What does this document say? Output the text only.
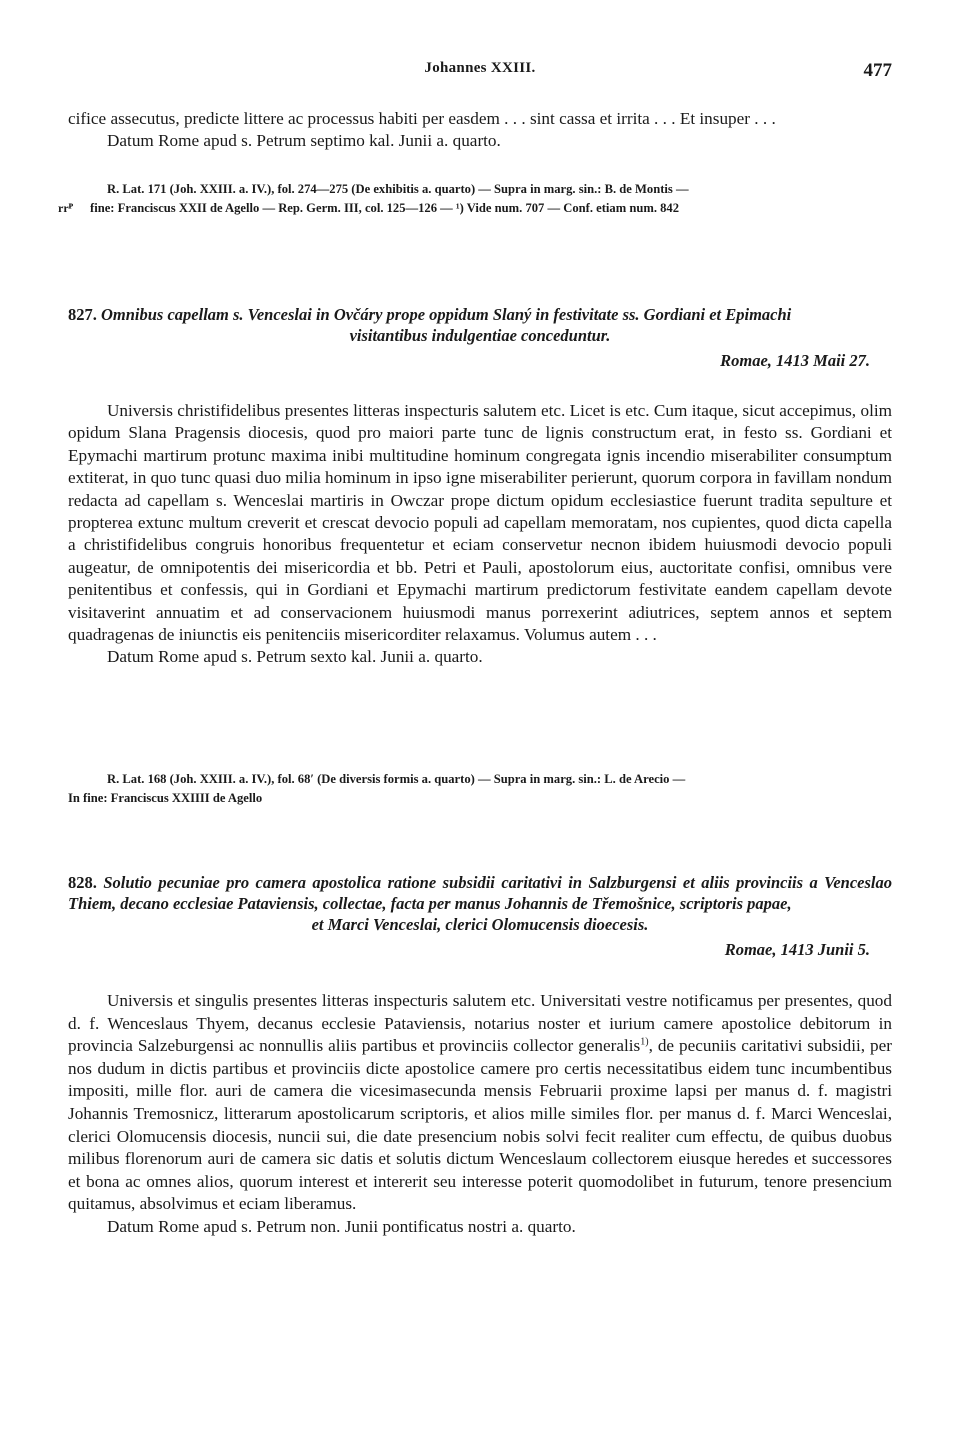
Johannes XXIII.	477

cifice assecutus, predicte littere ac processus habiti per easdem . . . sint cassa et irrita . . . Et insuper . . .

Datum Rome apud s. Petrum septimo kal. Junii a. quarto.

R. Lat. 171 (Joh. XXIII. a. IV.), fol. 274—275 (De exhibitis a. quarto) — Supra in marg. sin.: B. de Montis —

rrᴾ fine: Franciscus XXII de Agello — Rep. Germ. III, col. 125—126 — ¹) Vide num. 707 — Conf. etiam num. 842

827. Omnibus capellam s. Venceslai in Ovčáry prope oppidum Slaný in festivitate ss. Gordiani et Epimachi
visitantibus indulgentiae conceduntur.

Romae, 1413 Maii 27.

Universis christifidelibus presentes litteras inspecturis salutem etc. Licet is etc. Cum itaque, sicut accepimus, olim opidum Slana Pragensis diocesis, quod pro maiori parte tunc de lignis constructum erat, in festo ss. Gordiani et Epymachi martirum protunc maxima inibi multitudine hominum congregata ignis incendio miserabiliter consumptum extiterat, in quo tunc quasi duo milia hominum in ipso igne miserabiliter perierunt, quorum corpora in favillam nondum redacta ad capellam s. Wenceslai martiris in Owczar prope dictum opidum ecclesiastice fuerunt tradita sepulture et propterea extunc multum creverit et crescat devocio populi ad capellam memoratam, nos cupientes, quod dicta capella a christifidelibus congruis honoribus frequentetur et eciam conservetur necnon ibidem huiusmodi devocio populi augeatur, de omnipotentis dei misericordia et bb. Petri et Pauli, apostolorum eius, auctoritate confisi, omnibus vere penitentibus et confessis, qui in Gordiani et Epymachi martirum predictorum festivitate eandem capellam devote visitaverint annuatim et ad conservacionem huiusmodi manus porrexerint adiutrices, septem annos et septem quadragenas de iniunctis eis penitenciis misericorditer relaxamus. Volumus autem . . .

Datum Rome apud s. Petrum sexto kal. Junii a. quarto.

R. Lat. 168 (Joh. XXIII. a. IV.), fol. 68′ (De diversis formis a. quarto) — Supra in marg. sin.: L. de Arecio —

In fine: Franciscus XXIIII de Agello

828. Solutio pecuniae pro camera apostolica ratione subsidii caritativi in Salzburgensi et aliis provinciis a Venceslao Thiem, decano ecclesiae Pataviensis, collectae, facta per manus Johannis de Třemošnice, scriptoris papae,
et Marci Venceslai, clerici Olomucensis dioecesis.

Romae, 1413 Junii 5.

Universis et singulis presentes litteras inspecturis salutem etc. Universitati vestre notificamus per presentes, quod d. f. Wenceslaus Thyem, decanus ecclesie Pataviensis, notarius noster et iurium camere apostolice debitorum in provincia Salzeburgensi ac nonnullis aliis partibus et provinciis collector generalis$^{1)}$, de pecuniis caritativi subsidii, per nos dudum in dictis partibus et provinciis dicte apostolice camere pro certis necessitatibus eidem tunc incumbentibus impositi, mille flor. auri de camera die vicesimasecunda mensis Februarii proxime lapsi per manus d. f. magistri Johannis Tremosnicz, litterarum apostolicarum scriptoris, et alios mille similes flor. per manus d. f. Marci Wenceslai, clerici Olomucensis diocesis, nuncii sui, die date presencium nobis solvi fecit realiter cum effectu, de quibus duobus milibus florenorum auri de camera sic datis et solutis dictum Wenceslaum collectorem eiusque heredes et successores et bona ac omnes alios, quorum interest et intererit seu interesse poterit quomodolibet in futurum, tenore presencium quitamus, absolvimus et eciam liberamus.

Datum Rome apud s. Petrum non. Junii pontificatus nostri a. quarto.
